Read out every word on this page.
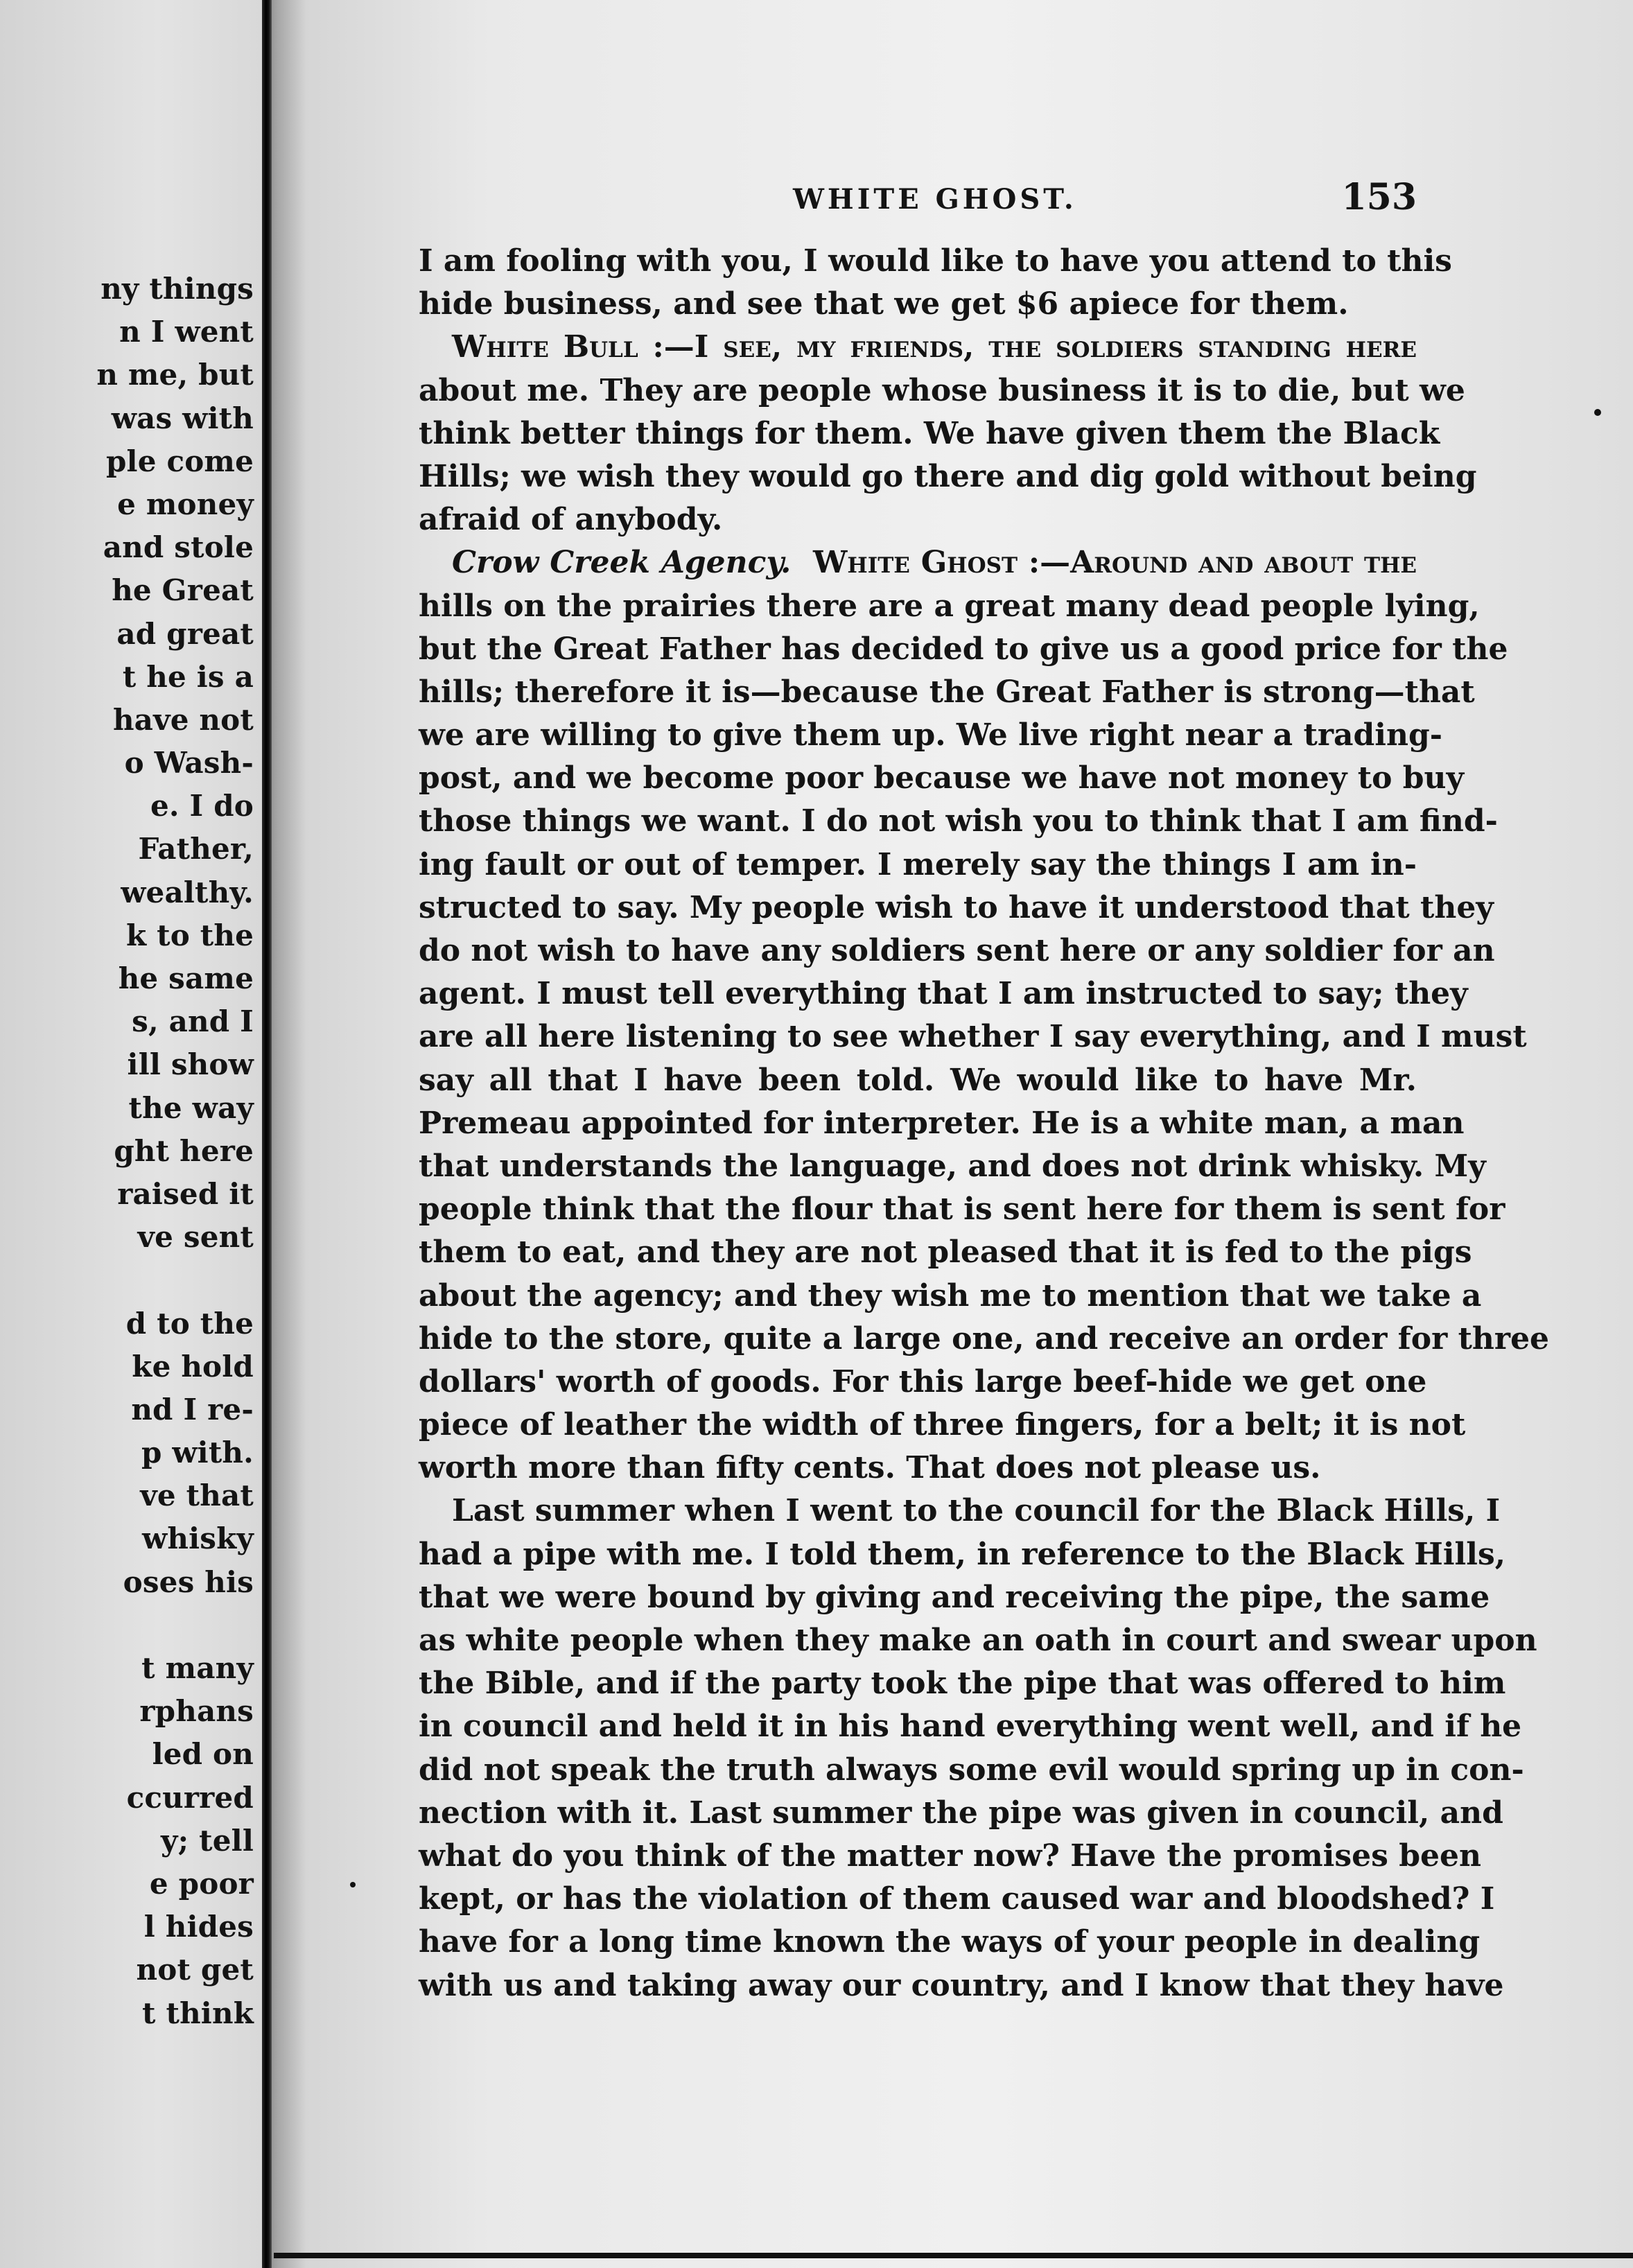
ny things
n I went
n me, but
was with
ple come
e money
and stole
he Great
ad great
t he is a
have not
o Wash-
e. I do
Father,
wealthy.
k to the
he same
s, and I
ill show
the way
ght here
raised it
ve sent
d to the
ke hold
nd I re-
p with.
ve that
whisky
oses his
t many
rphans
led on
ccurred
y; tell
e poor
l hides
not get
t think
WHITE GHOST.	153
I am fooling with you, I would like to have you attend to this
hide business, and see that we get $6 apiece for them.
White Bull :—I see, my friends, the soldiers standing here
about me. They are people whose business it is to die, but we
think better things for them. We have given them the Black
Hills; we wish they would go there and dig gold without being
afraid of anybody.
Crow Creek Agency. White Ghost :—Around and about the
hills on the prairies there are a great many dead people lying,
but the Great Father has decided to give us a good price for the
hills; therefore it is—because the Great Father is strong—that
we are willing to give them up. We live right near a trading-
post, and we become poor because we have not money to buy
those things we want. I do not wish you to think that I am find-
ing fault or out of temper. I merely say the things I am in-
structed to say. My people wish to have it understood that they
do not wish to have any soldiers sent here or any soldier for an
agent. I must tell everything that I am instructed to say; they
are all here listening to see whether I say everything, and I must
say all that I have been told. We would like to have Mr.
Premeau appointed for interpreter. He is a white man, a man
that understands the language, and does not drink whisky. My
people think that the flour that is sent here for them is sent for
them to eat, and they are not pleased that it is fed to the pigs
about the agency; and they wish me to mention that we take a
hide to the store, quite a large one, and receive an order for three
dollars' worth of goods. For this large beef-hide we get one
piece of leather the width of three fingers, for a belt; it is not
worth more than fifty cents. That does not please us.
Last summer when I went to the council for the Black Hills, I
had a pipe with me. I told them, in reference to the Black Hills,
that we were bound by giving and receiving the pipe, the same
as white people when they make an oath in court and swear upon
the Bible, and if the party took the pipe that was offered to him
in council and held it in his hand everything went well, and if he
did not speak the truth always some evil would spring up in con-
nection with it. Last summer the pipe was given in council, and
what do you think of the matter now? Have the promises been
kept, or has the violation of them caused war and bloodshed? I
have for a long time known the ways of your people in dealing
with us and taking away our country, and I know that they have
